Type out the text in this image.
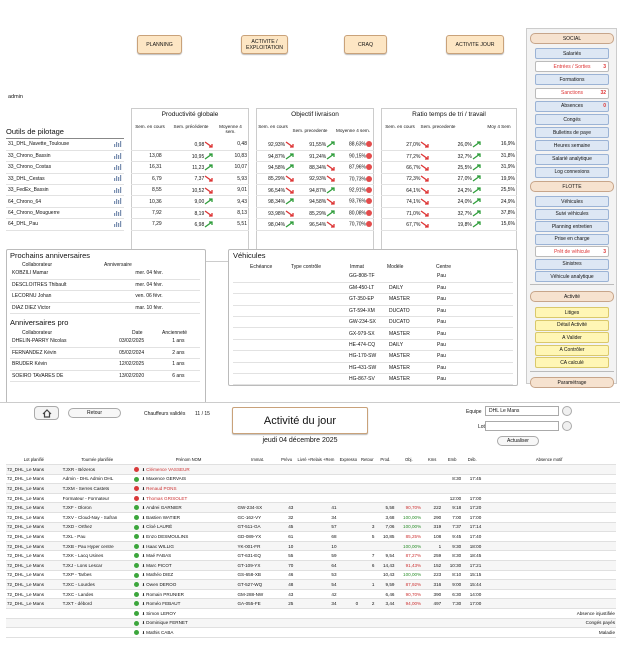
PLANNING	ACTIVITE / EXPLOITATION	CRAQ	ACTIVITE JOUR
admin
Outils de pilotage
31_DHL_Navette_Toulouse	
33_Chrono_Bassin	
33_Chrono_Costas	
33_DHL_Cestas	
33_FedEx_Bassin	
64_Chrono_64	
64_Chrono_Mouguerre	
64_DHL_Pau	
Productivité globale
Sem. en cours	Sem. précédente	Moyenne 4 sem.
	0,98	0,48
13,08	10,95	10,83
16,31	11,23	10,07
6,79	7,37	5,93
8,55	10,52	9,01
10,36	9,00	9,43
7,92	8,19	8,13
7,29	6,98	5,51
Objectif livraison
Sem. en cours
Sem. precedente	Moyenne 4 sem.
92,93%	91,55%	88,63%
94,87%	91,24%	90,15%
94,58%	88,34%	87,96%
85,29%	92,93%	70,73%
96,54%	94,87%	92,91%
98,34%	94,58%	93,76%
93,98%	85,29%	80,08%
98,04%	96,54%	70,70%
Ratio temps de tri / travail
Sem. en cours Sem. precedente	Moy 4 Sem
27,0%	26,0%	16,9%
77,2%	32,7%	31,8%
66,7%	25,5%	31,9%
72,3%	27,0%	19,9%
64,1%	24,2%	25,5%
74,1%	24,0%	24,9%
71,0%	32,7%	37,8%
67,7%	19,8%	15,6%
Prochains anniversaires
Collaborateur	Anniversaire
KOBZILI Mamar	mer. 04 févr.
DESCLOITRES Thibault	mer. 04 févr.
LECORNU Johan	ven. 06 févr.
DIAZ DIEZ Victor	mar. 10 févr.
Anniversaires pro
Collaborateur	Date	Ancienneté
DHELIN-PARRY Nicolas	03/02/2025	1 ans
FERNANDEZ Kévin	05/02/2024	2 ans
BRUDER Kévin	12/02/2025	1 ans
SOEIRO TAVARES DE	13/02/2020	6 ans
Véhicules
Echéance	Type contrôle	Immat	Modèle	Centre
		GG-808-TF		Pau
		GM-450-LT	DAILY	Pau
		GT-350-EP	MASTER	Pau
		GT-594-XM	DUCATO	Pau
		GW-234-SX	DUCATO	Pau
		GX-979-SX	MASTER	Pau
		HE-474-CQ	DAILY	Pau
		HG-170-SW	MASTER	Pau
		HG-431-SW	MASTER	Pau
		HG-867-SV	MASTER	Pau
SOCIAL
Salariés
Entrées / Sorties	3
Formations
Sanctions	32
Absences	0
Congés
Bulletins de paye
Heures semaine
Salarié analytique
Log connexions
FLOTTE
Véhicules
Suivi véhicules
Planning entretien
Prise en charge
Prêt de véhicule	3
Sinistres
Véhicule analytique
Activité
Litiges
Détail Activité
A Valider
A Contrôler
CA calculé
Paramétrage
Retour	Chauffeurs validés 11 / 15
Activité du jour
jeudi 04 décembre 2025
Equipe	DHL Le Mans
Lot
Actualiser
Lot planifié	Tournée planifiée		Prénom NOM	Immat.	Prévu	Livré +Relais +Rem	Expresso	Retour	Prod.	Obj.	Kms	Emb	Déb.	Absence motif
72_DHL_Le Mans	TJXR - Bézeros		⬇ Clémence VASSEUR											
72_DHL_Le Mans	Admin - DHL Admin DHL		⬇ Maxence GERVAIS									8:30	17:45	
72_DHL_Le Mans	TJXM - Serres Castets		⬇ Renaud PONS											
72_DHL_Le Mans	Formateur - Formateur		⬇ Thomas GRISOLET									12:00	17:00	
72_DHL_Le Mans	TJXF - Oloron		⬇ Andrei GARNIER	GW-234-SX	43	41			5,58	90,70%	222	9:18	17:20	
72_DHL_Le Mans	TJXV - Cloud-Nay - Safran		⬇ Bastien WATIER	GC-162-VY	32	34			3,68	100,00%	290	7:00	17:00	
72_DHL_Le Mans	TJXD - Orthez		⬇ Cloé LAURÉ	GT-511-GA	45	57		3	7,06	100,00%	319	7:37	17:14	
72_DHL_Le Mans	TJXL - Pau		⬇ Enzo DESMOULINS	GD-089-YX	61	68		5	10,85	85,25%	108	9:45	17:40	
72_DHL_Le Mans	TJXB - Pau Hyper centre		⬇ Isaac WILLIG	YK-001-FR	10	10				100,00%	1	9:30	18:00	
72_DHL_Le Mans	TJXK - Lacq Usines		⬇ Maé FABAS	GT-631-EQ	55	59		7	9,54	87,27%	259	8:30	18:45	
72_DHL_Le Mans	TJXJ - Lons Lescar		⬇ Marc PICOT	GT-109-YX	70	64		6	14,43	91,43%	152	10:30	17:21	
72_DHL_Le Mans	TJXP - Tarbes		⬇ Mathéo DIEZ	GS-658-XB	46	53			10,43	100,00%	223	8:10	15:15	
72_DHL_Le Mans	TJXC - Lourdes		⬇ Owen DEROO	GT-527-WQ	48	54		1	9,59	87,92%	316	9:00	15:44	
72_DHL_Le Mans	TJXC - Landes		⬇ Romain PRUNIER	GM-288-NW	43	42			6,46	90,70%	390	6:30	14:00	
72_DHL_Le Mans	TJXT - débord		⬇ Roméo FEBAUT	GA-055-FE	25	34	0	2	3,44	94,00%	497	7:30	17:00	
			⬇ Simon LEROY											Absence injustifiée
			⬇ Dominique FERNET											Congés payés
			⬇ Mathis CABA											Maladie
